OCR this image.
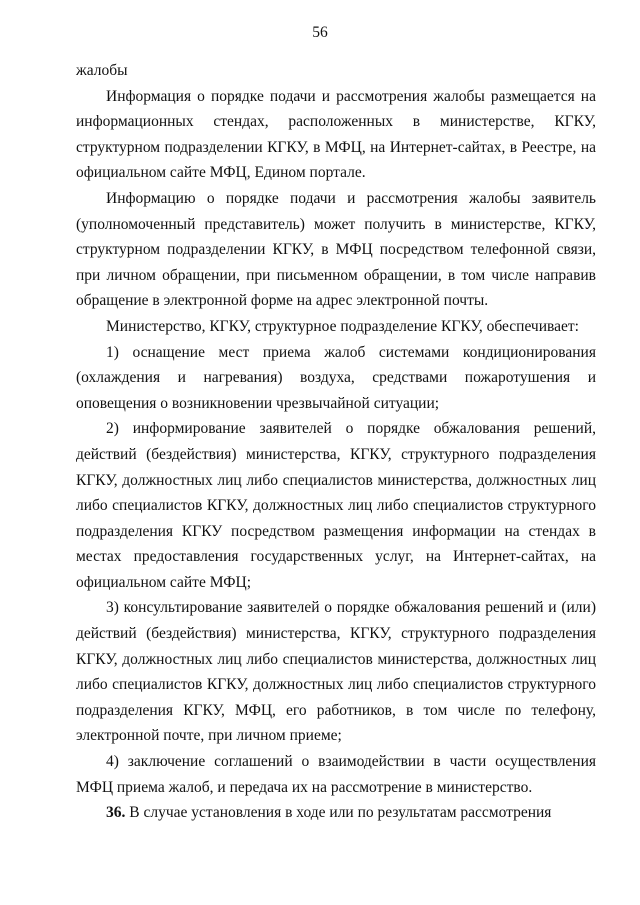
56

жалобы

Информация о порядке подачи и рассмотрения жалобы размещается на информационных стендах, расположенных в министерстве, КГКУ, структурном подразделении КГКУ, в МФЦ, на Интернет-сайтах, в Реестре, на официальном сайте МФЦ, Едином портале.

Информацию о порядке подачи и рассмотрения жалобы заявитель (уполномоченный представитель) может получить в министерстве, КГКУ, структурном подразделении КГКУ, в МФЦ посредством телефонной связи, при личном обращении, при письменном обращении, в том числе направив обращение в электронной форме на адрес электронной почты.

Министерство, КГКУ, структурное подразделение КГКУ, обеспечивает:

1) оснащение мест приема жалоб системами кондиционирования (охлаждения и нагревания) воздуха, средствами пожаротушения и оповещения о возникновении чрезвычайной ситуации;

2) информирование заявителей о порядке обжалования решений, действий (бездействия) министерства, КГКУ, структурного подразделения КГКУ, должностных лиц либо специалистов министерства, должностных лиц либо специалистов КГКУ, должностных лиц либо специалистов структурного подразделения КГКУ посредством размещения информации на стендах в местах предоставления государственных услуг, на Интернет-сайтах, на официальном сайте МФЦ;

3) консультирование заявителей о порядке обжалования решений и (или) действий (бездействия) министерства, КГКУ, структурного подразделения КГКУ, должностных лиц либо специалистов министерства, должностных лиц либо специалистов КГКУ, должностных лиц либо специалистов структурного подразделения КГКУ, МФЦ, его работников, в том числе по телефону, электронной почте, при личном приеме;

4) заключение соглашений о взаимодействии в части осуществления МФЦ приема жалоб, и передача их на рассмотрение в министерство.

36. В случае установления в ходе или по результатам рассмотрения
